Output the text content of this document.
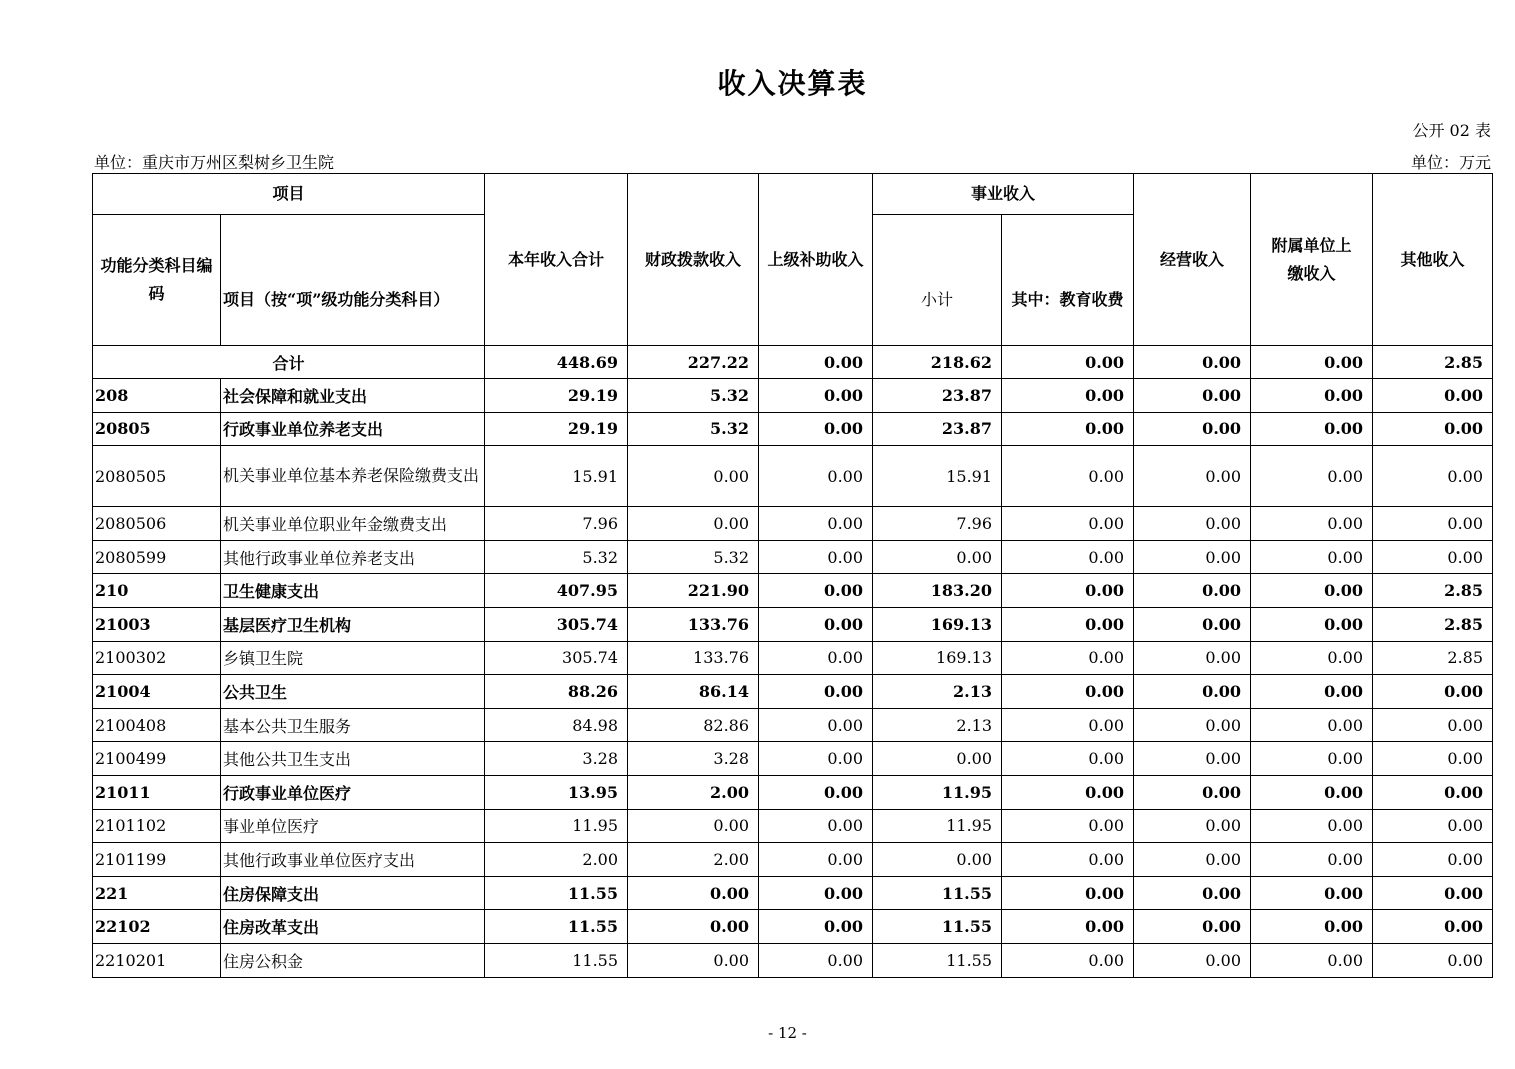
收入决算表
公开 02 表
单位：重庆市万州区梨树乡卫生院	单位：万元
项目		本年收入合计	财政拨款收入	上级补助收入	事业收入		经营收入	附属单位上缴收入	其他收入
功能分类科目编码	项目（按“项”级功能分类科目）				小计	其中：教育收费			
合计		448.69	227.22	0.00	218.62	0.00	0.00	0.00	2.85
208	社会保障和就业支出	29.19	5.32	0.00	23.87	0.00	0.00	0.00	0.00
20805	行政事业单位养老支出	29.19	5.32	0.00	23.87	0.00	0.00	0.00	0.00
2080505	机关事业单位基本养老保险缴费支出	15.91	0.00	0.00	15.91	0.00	0.00	0.00	0.00
2080506	机关事业单位职业年金缴费支出	7.96	0.00	0.00	7.96	0.00	0.00	0.00	0.00
2080599	其他行政事业单位养老支出	5.32	5.32	0.00	0.00	0.00	0.00	0.00	0.00
210	卫生健康支出	407.95	221.90	0.00	183.20	0.00	0.00	0.00	2.85
21003	基层医疗卫生机构	305.74	133.76	0.00	169.13	0.00	0.00	0.00	2.85
2100302	乡镇卫生院	305.74	133.76	0.00	169.13	0.00	0.00	0.00	2.85
21004	公共卫生	88.26	86.14	0.00	2.13	0.00	0.00	0.00	0.00
2100408	基本公共卫生服务	84.98	82.86	0.00	2.13	0.00	0.00	0.00	0.00
2100499	其他公共卫生支出	3.28	3.28	0.00	0.00	0.00	0.00	0.00	0.00
21011	行政事业单位医疗	13.95	2.00	0.00	11.95	0.00	0.00	0.00	0.00
2101102	事业单位医疗	11.95	0.00	0.00	11.95	0.00	0.00	0.00	0.00
2101199	其他行政事业单位医疗支出	2.00	2.00	0.00	0.00	0.00	0.00	0.00	0.00
221	住房保障支出	11.55	0.00	0.00	11.55	0.00	0.00	0.00	0.00
22102	住房改革支出	11.55	0.00	0.00	11.55	0.00	0.00	0.00	0.00
2210201	住房公积金	11.55	0.00	0.00	11.55	0.00	0.00	0.00	0.00
- 12 -
